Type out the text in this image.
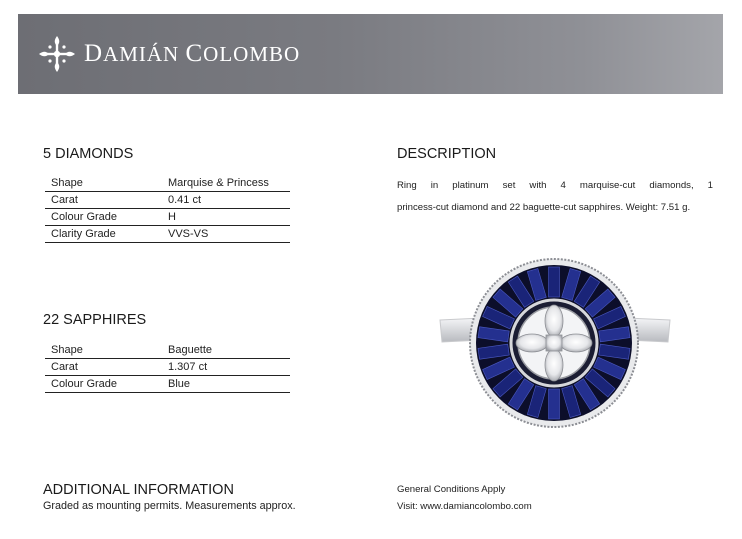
DAMIÁN COLOMBO
5 DIAMONDS
Shape	Marquise & Princess
Carat	0.41 ct
Colour Grade	H
Clarity Grade	VVS-VS
22 SAPPHIRES
Shape	Baguette
Carat	1.307 ct
Colour Grade	Blue
DESCRIPTION
Ring in platinum set with 4 marquise-cut diamonds, 1
princess-cut diamond and 22 baguette-cut sapphires. Weight: 7.51 g.
ADDITIONAL INFORMATION
Graded as mounting permits. Measurements approx.
General Conditions Apply
Visit: www.damiancolombo.com
